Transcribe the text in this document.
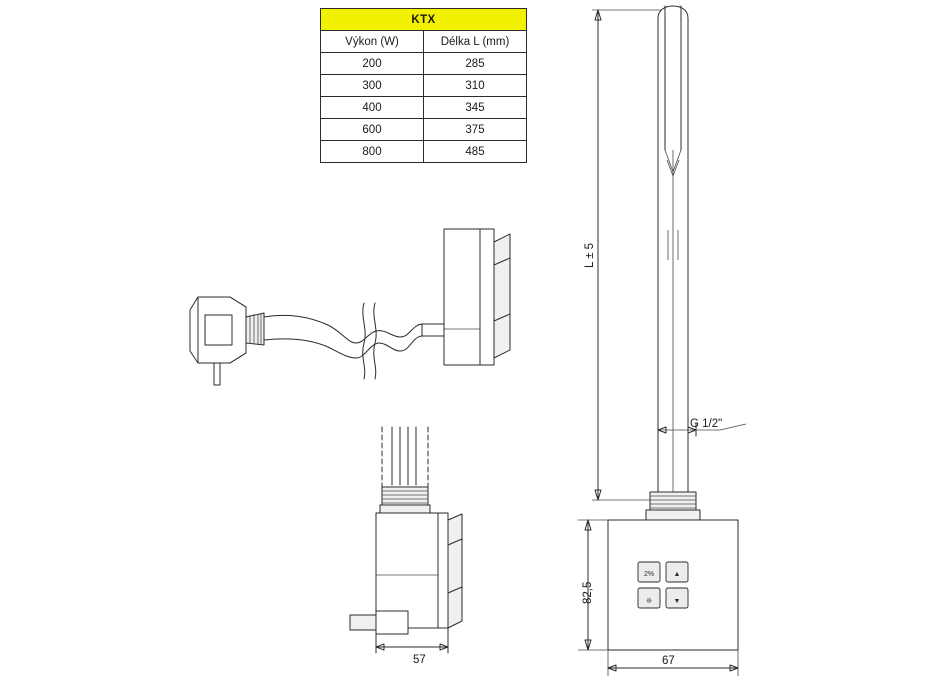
KTX	
Výkon (W)	Délka L (mm)
200	285
300	310
400	345
600	375
800	485
57
2%	▲
❊	▼
L ± 5
G 1/2"
82,5
67
